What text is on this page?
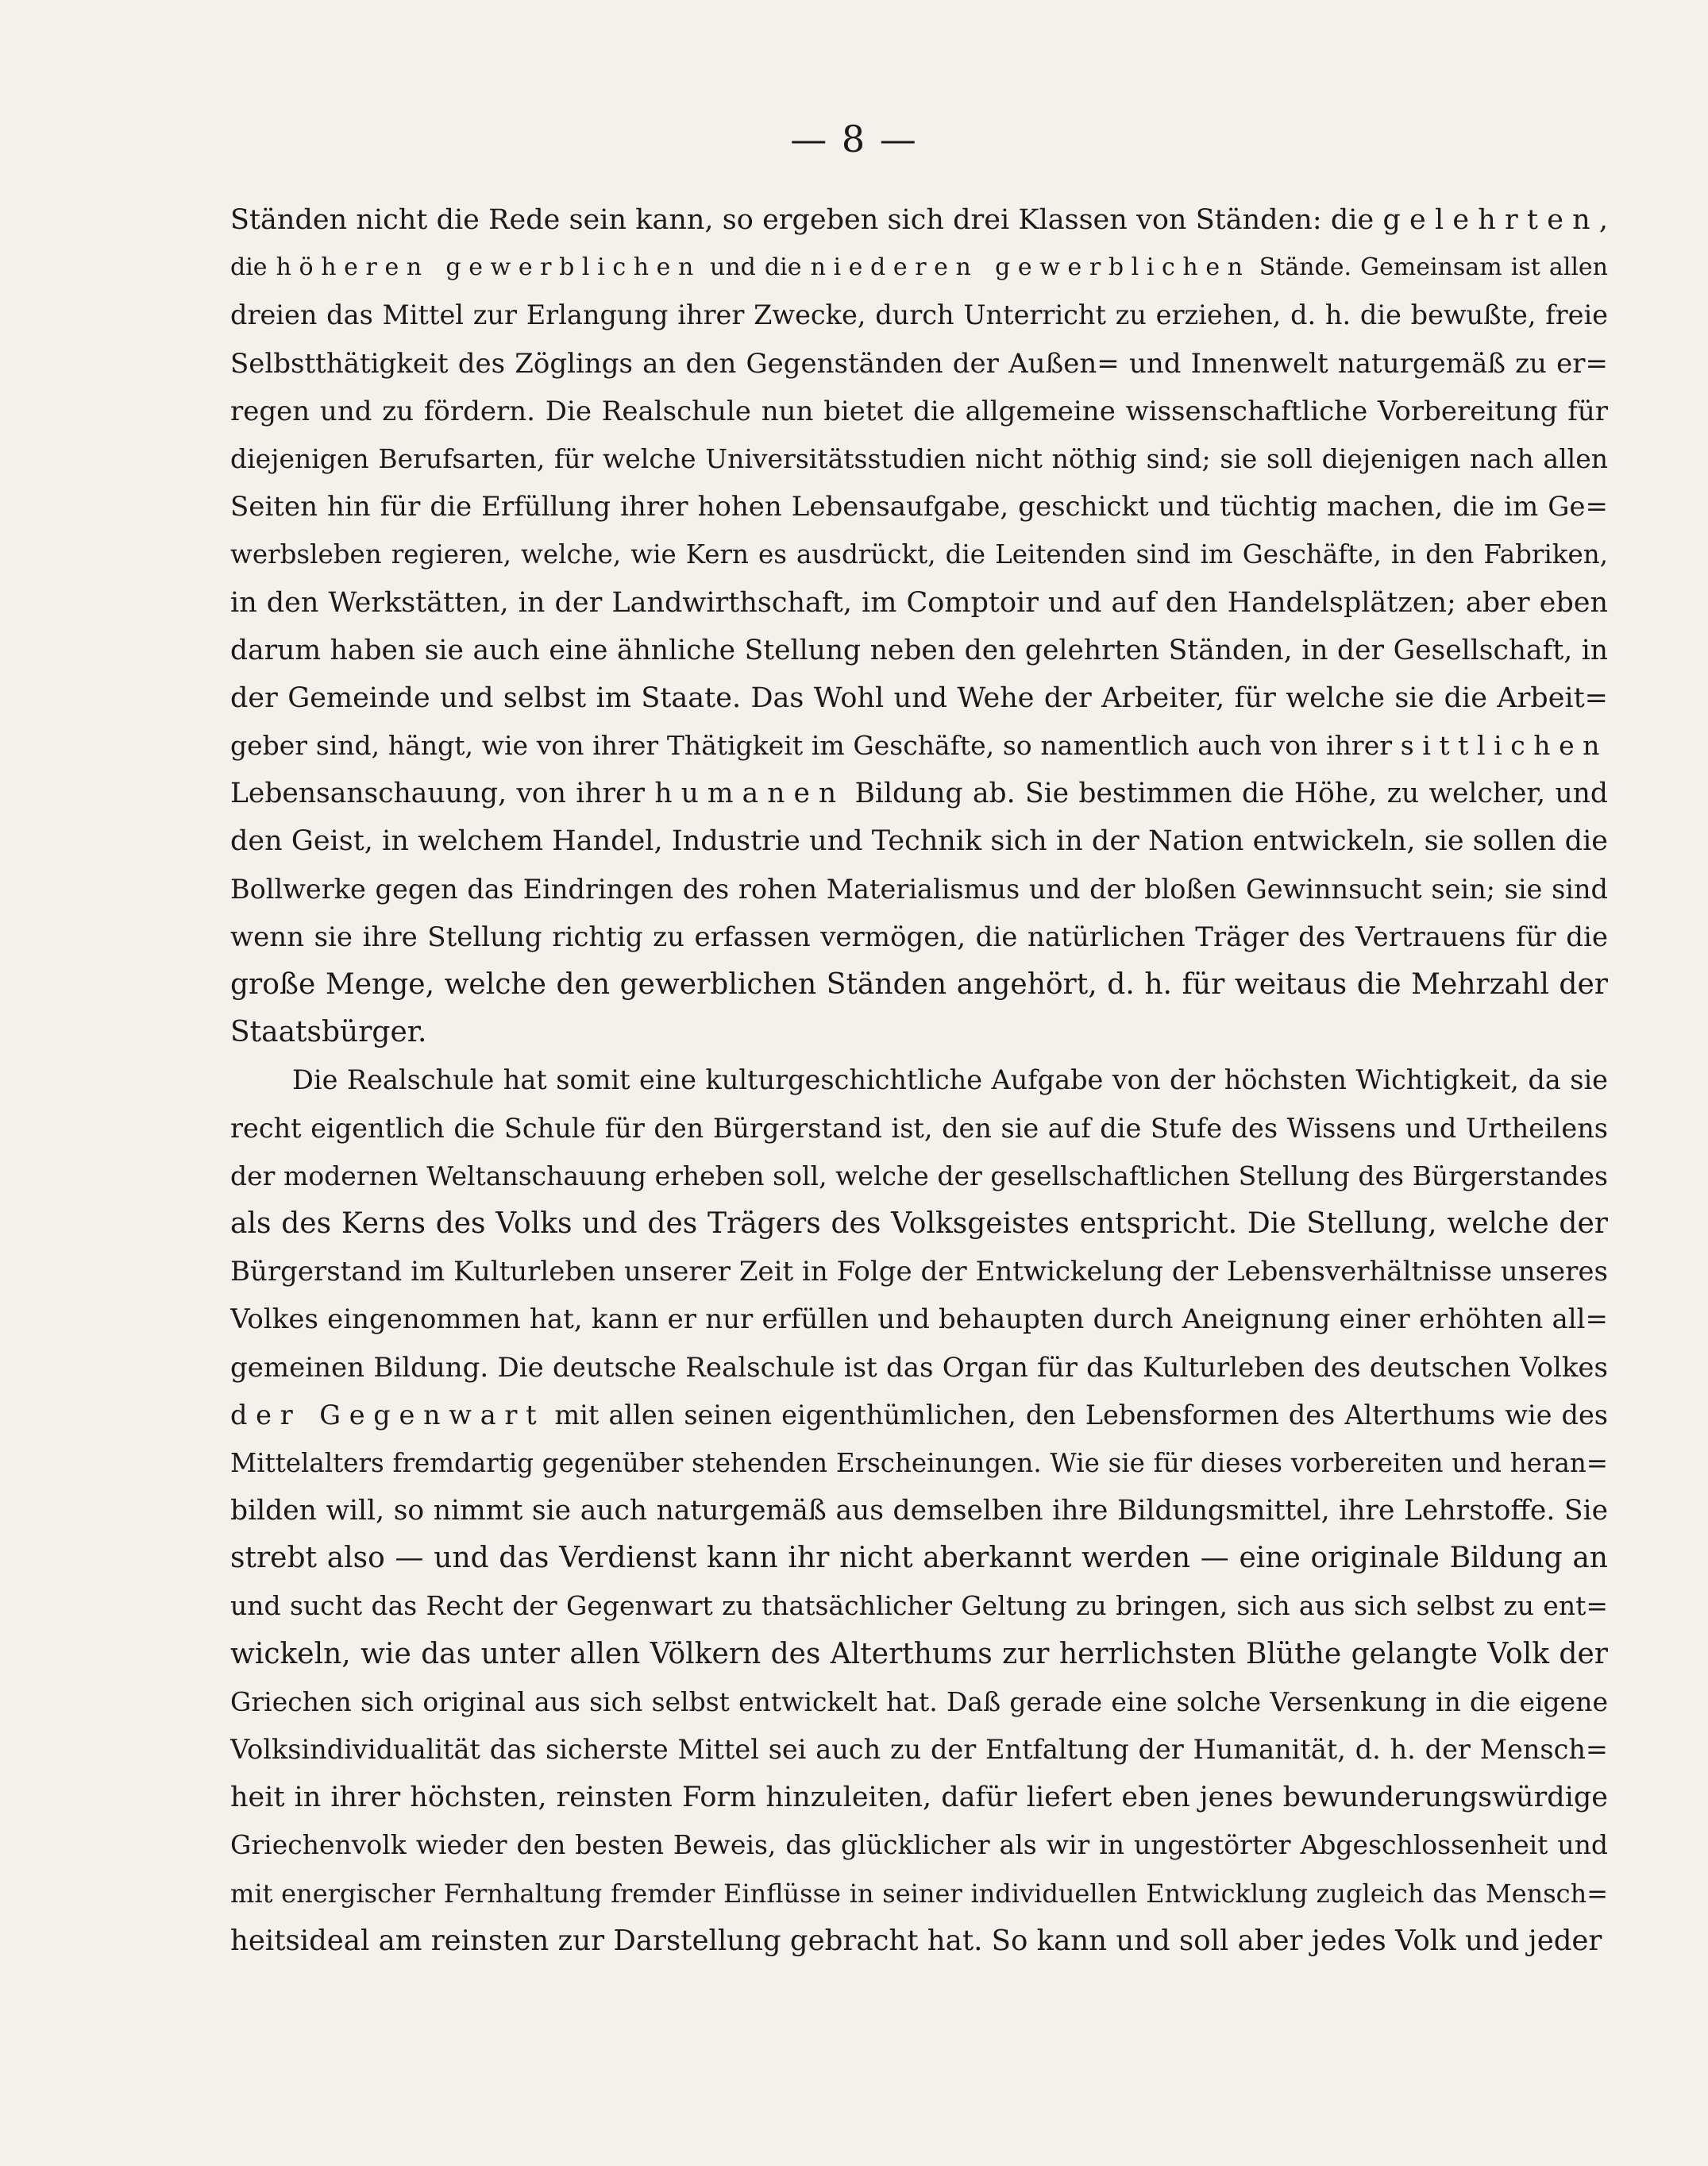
— 8 —
Ständen nicht die Rede sein kann, so ergeben sich drei Klassen von Ständen: die gelehrten,
die höheren gewerblichen und die niederen gewerblichen Stände. Gemeinsam ist allen
dreien das Mittel zur Erlangung ihrer Zwecke, durch Unterricht zu erziehen, d. h. die bewußte, freie
Selbstthätigkeit des Zöglings an den Gegenständen der Außen= und Innenwelt naturgemäß zu er=
regen und zu fördern. Die Realschule nun bietet die allgemeine wissenschaftliche Vorbereitung für
diejenigen Berufsarten, für welche Universitätsstudien nicht nöthig sind; sie soll diejenigen nach allen
Seiten hin für die Erfüllung ihrer hohen Lebensaufgabe, geschickt und tüchtig machen, die im Ge=
werbsleben regieren, welche, wie Kern es ausdrückt, die Leitenden sind im Geschäfte, in den Fabriken,
in den Werkstätten, in der Landwirthschaft, im Comptoir und auf den Handelsplätzen; aber eben
darum haben sie auch eine ähnliche Stellung neben den gelehrten Ständen, in der Gesellschaft, in
der Gemeinde und selbst im Staate. Das Wohl und Wehe der Arbeiter, für welche sie die Arbeit=
geber sind, hängt, wie von ihrer Thätigkeit im Geschäfte, so namentlich auch von ihrer sittlichen
Lebensanschauung, von ihrer humanen Bildung ab. Sie bestimmen die Höhe, zu welcher, und
den Geist, in welchem Handel, Industrie und Technik sich in der Nation entwickeln, sie sollen die
Bollwerke gegen das Eindringen des rohen Materialismus und der bloßen Gewinnsucht sein; sie sind
wenn sie ihre Stellung richtig zu erfassen vermögen, die natürlichen Träger des Vertrauens für die
große Menge, welche den gewerblichen Ständen angehört, d. h. für weitaus die Mehrzahl der
Staatsbürger.
Die Realschule hat somit eine kulturgeschichtliche Aufgabe von der höchsten Wichtigkeit, da sie
recht eigentlich die Schule für den Bürgerstand ist, den sie auf die Stufe des Wissens und Urtheilens
der modernen Weltanschauung erheben soll, welche der gesellschaftlichen Stellung des Bürgerstandes
als des Kerns des Volks und des Trägers des Volksgeistes entspricht. Die Stellung, welche der
Bürgerstand im Kulturleben unserer Zeit in Folge der Entwickelung der Lebensverhältnisse unseres
Volkes eingenommen hat, kann er nur erfüllen und behaupten durch Aneignung einer erhöhten all=
gemeinen Bildung. Die deutsche Realschule ist das Organ für das Kulturleben des deutschen Volkes
der Gegenwart mit allen seinen eigenthümlichen, den Lebensformen des Alterthums wie des
Mittelalters fremdartig gegenüber stehenden Erscheinungen. Wie sie für dieses vorbereiten und heran=
bilden will, so nimmt sie auch naturgemäß aus demselben ihre Bildungsmittel, ihre Lehrstoffe. Sie
strebt also — und das Verdienst kann ihr nicht aberkannt werden — eine originale Bildung an
und sucht das Recht der Gegenwart zu thatsächlicher Geltung zu bringen, sich aus sich selbst zu ent=
wickeln, wie das unter allen Völkern des Alterthums zur herrlichsten Blüthe gelangte Volk der
Griechen sich original aus sich selbst entwickelt hat. Daß gerade eine solche Versenkung in die eigene
Volksindividualität das sicherste Mittel sei auch zu der Entfaltung der Humanität, d. h. der Mensch=
heit in ihrer höchsten, reinsten Form hinzuleiten, dafür liefert eben jenes bewunderungswürdige
Griechenvolk wieder den besten Beweis, das glücklicher als wir in ungestörter Abgeschlossenheit und
mit energischer Fernhaltung fremder Einflüsse in seiner individuellen Entwicklung zugleich das Mensch=
heitsideal am reinsten zur Darstellung gebracht hat. So kann und soll aber jedes Volk und jeder
